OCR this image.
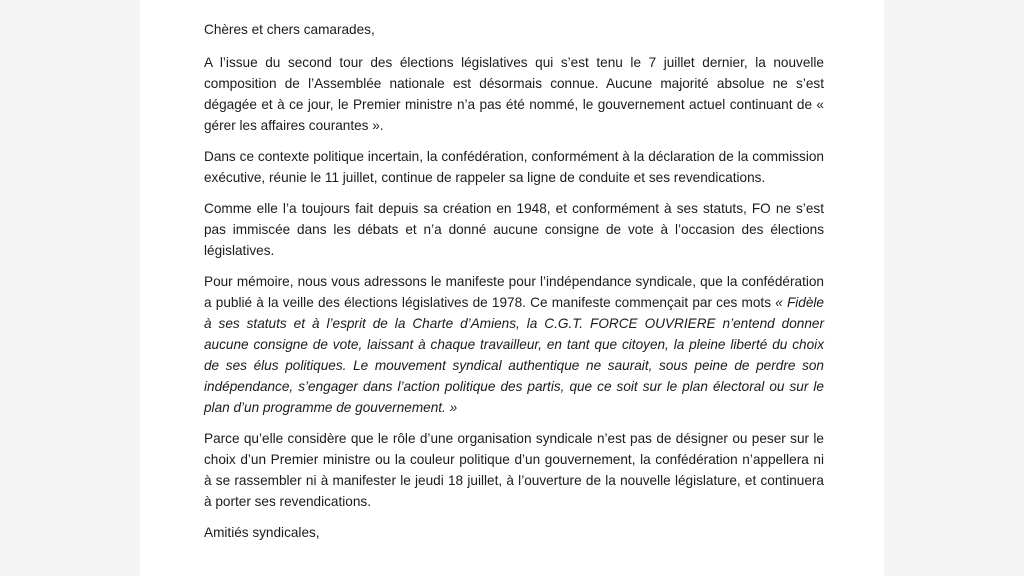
Chères et chers camarades,

A l’issue du second tour des élections législatives qui s’est tenu le 7 juillet dernier, la nouvelle composition de l’Assemblée nationale est désormais connue. Aucune majorité absolue ne s’est dégagée et à ce jour, le Premier ministre n’a pas été nommé, le gouvernement actuel continuant de « gérer les affaires courantes ».

Dans ce contexte politique incertain, la confédération, conformément à la déclaration de la commission exécutive, réunie le 11 juillet, continue de rappeler sa ligne de conduite et ses revendications.

Comme elle l’a toujours fait depuis sa création en 1948, et conformément à ses statuts, FO ne s’est pas immiscée dans les débats et n’a donné aucune consigne de vote à l’occasion des élections législatives.

Pour mémoire, nous vous adressons le manifeste pour l’indépendance syndicale, que la confédération a publié à la veille des élections législatives de 1978. Ce manifeste commençait par ces mots « Fidèle à ses statuts et à l’esprit de la Charte d’Amiens, la C.G.T. FORCE OUVRIERE n’entend donner aucune consigne de vote, laissant à chaque travailleur, en tant que citoyen, la pleine liberté du choix de ses élus politiques. Le mouvement syndical authentique ne saurait, sous peine de perdre son indépendance, s’engager dans l’action politique des partis, que ce soit sur le plan électoral ou sur le plan d’un programme de gouvernement. »

Parce qu’elle considère que le rôle d’une organisation syndicale n’est pas de désigner ou peser sur le choix d’un Premier ministre ou la couleur politique d’un gouvernement, la confédération n’appellera ni à se rassembler ni à manifester le jeudi 18 juillet, à l’ouverture de la nouvelle législature, et continuera à porter ses revendications.

Amitiés syndicales,
